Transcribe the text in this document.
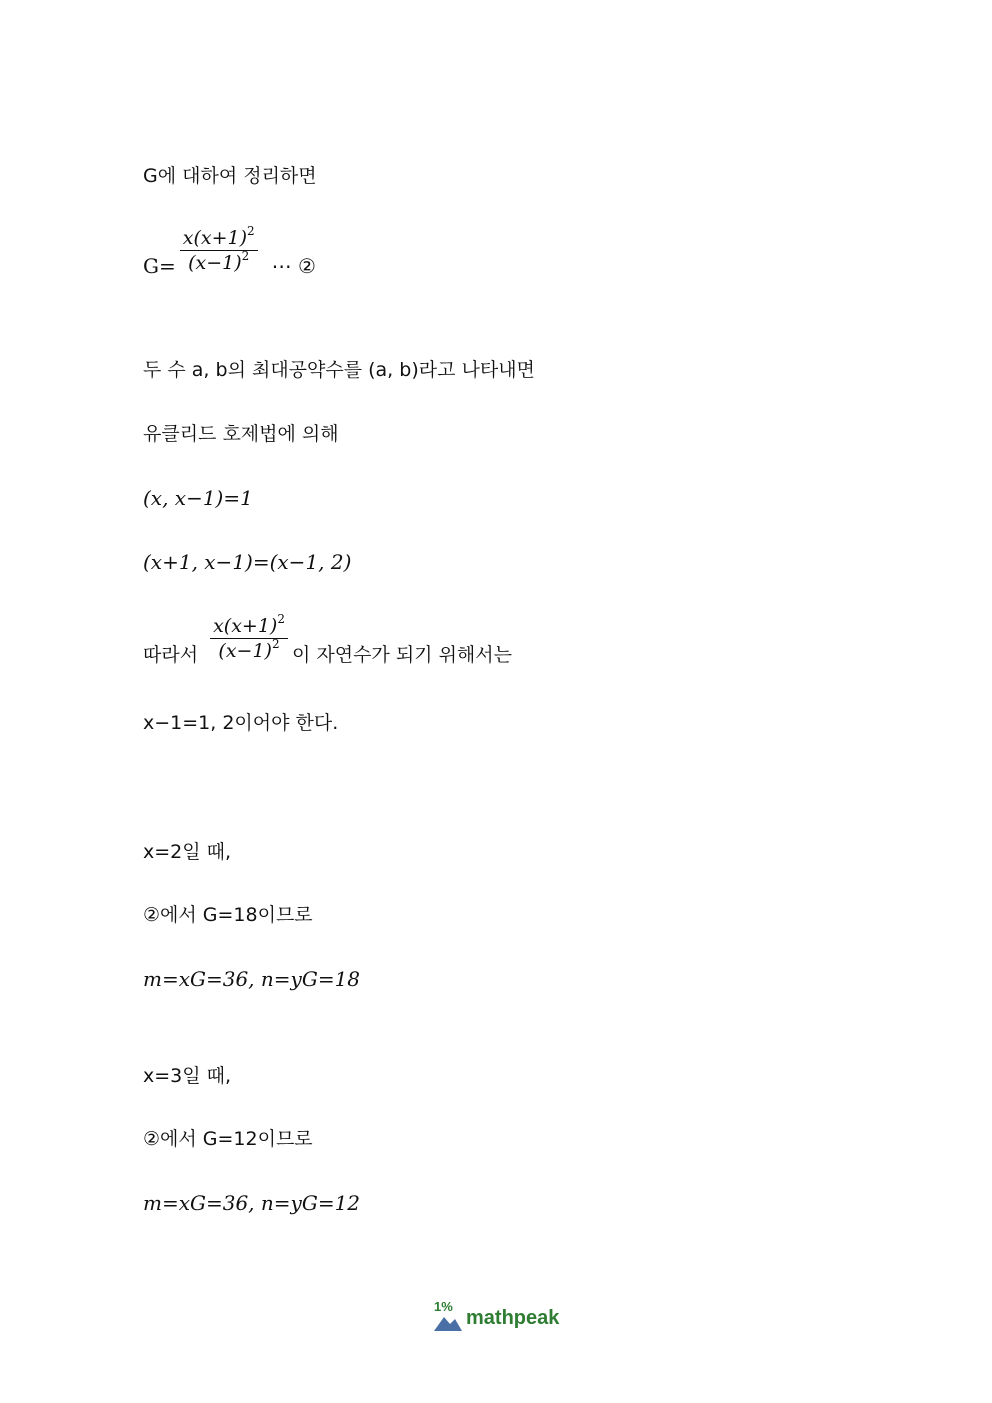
G에 대하여 정리하면
$G= \frac{x(x+1)^2}{(x-1)^2}$ ⋯ ②
두 수 a, b의 최대공약수를 (a, b)라고 나타내면
유클리드 호제법에 의해
(x, x−1)=1
(x+1, x−1)=(x−1, 2)
따라서 $\frac{x(x+1)^2}{(x-1)^2}$ 이 자연수가 되기 위해서는
x−1=1, 2이어야 한다.
x=2일 때,
②에서 G=18이므로
m=xG=36, n=yG=18
x=3일 때,
②에서 G=12이므로
m=xG=36, n=yG=12
1%
mathpeak
